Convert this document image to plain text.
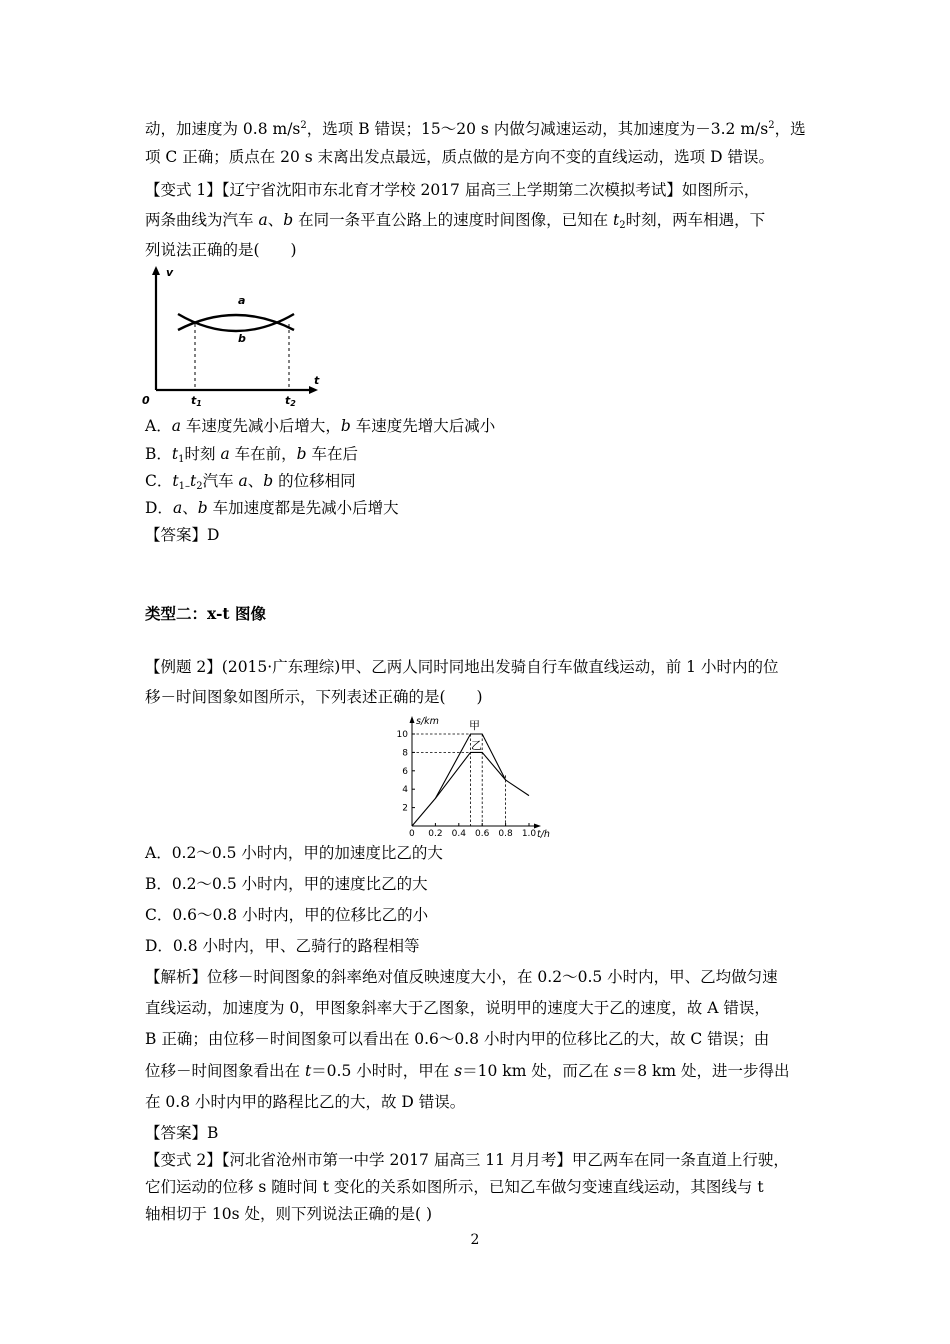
动，加速度为 0.8 $m/s^2$，选项 B 错误；15～20 s 内做匀减速运动，其加速度为－3.2 $m/s^2$，选
项 C 正确；质点在 20 s 末离出发点最远，质点做的是方向不变的直线运动，选项 D 错误。
【变式 1】【辽宁省沈阳市东北育才学校 2017 届高三上学期第二次模拟考试】如图所示，
两条曲线为汽车 a、b 在同一条平直公路上的速度时间图像，已知在 $t_2$时刻，两车相遇，下
列说法正确的是(　　)
v
t
0
a
b
t1	t2
A．a 车速度先减小后增大，b 车速度先增大后减小
B．$t_1$时刻 a 车在前，b 车在后
C．$t_{1-}t_2$汽车 a、b 的位移相同
D．a、b 车加速度都是先减小后增大
【答案】D
类型二：x-t 图像
【例题 2】(2015·广东理综)甲、乙两人同时同地出发骑自行车做直线运动，前 1 小时内的位
移－时间图象如图所示，下列表述正确的是(　　)
2
4
6
8
10
0.2 0.4 0.6 0.8 1.0
s/km
t/h
0
甲
乙
A．0.2～0.5 小时内，甲的加速度比乙的大
B．0.2～0.5 小时内，甲的速度比乙的大
C．0.6～0.8 小时内，甲的位移比乙的小
D．0.8 小时内，甲、乙骑行的路程相等
【解析】位移－时间图象的斜率绝对值反映速度大小，在 0.2～0.5 小时内，甲、乙均做匀速
直线运动，加速度为 0，甲图象斜率大于乙图象，说明甲的速度大于乙的速度，故 A 错误，
B 正确；由位移－时间图象可以看出在 0.6～0.8 小时内甲的位移比乙的大，故 C 错误；由
位移－时间图象看出在 t＝0.5 小时时，甲在 s＝10 km 处，而乙在 s＝8 km 处，进一步得出
在 0.8 小时内甲的路程比乙的大，故 D 错误。
【答案】B
【变式 2】【河北省沧州市第一中学 2017 届高三 11 月月考】甲乙两车在同一条直道上行驶，
它们运动的位移 s 随时间 t 变化的关系如图所示，已知乙车做匀变速直线运动，其图线与 t
轴相切于 10s 处，则下列说法正确的是( )
2
